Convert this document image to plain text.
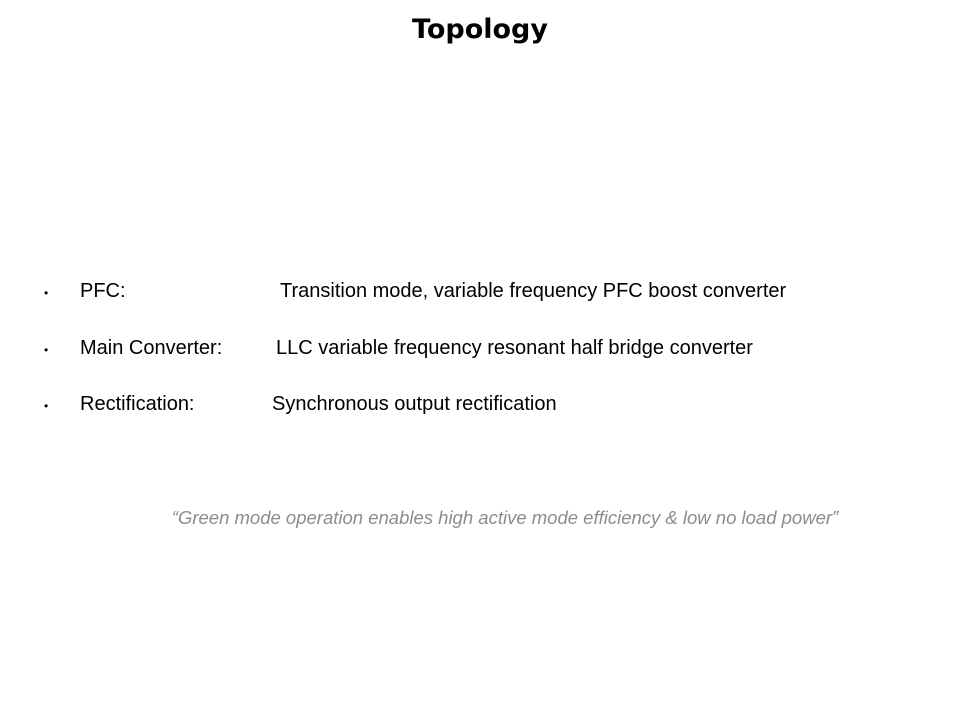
Topology
• PFC:	Transition mode, variable frequency PFC boost converter
• Main Converter:	LLC variable frequency resonant half bridge converter
• Rectification:	Synchronous output rectification
“Green mode operation enables high active mode efficiency & low no load power”
